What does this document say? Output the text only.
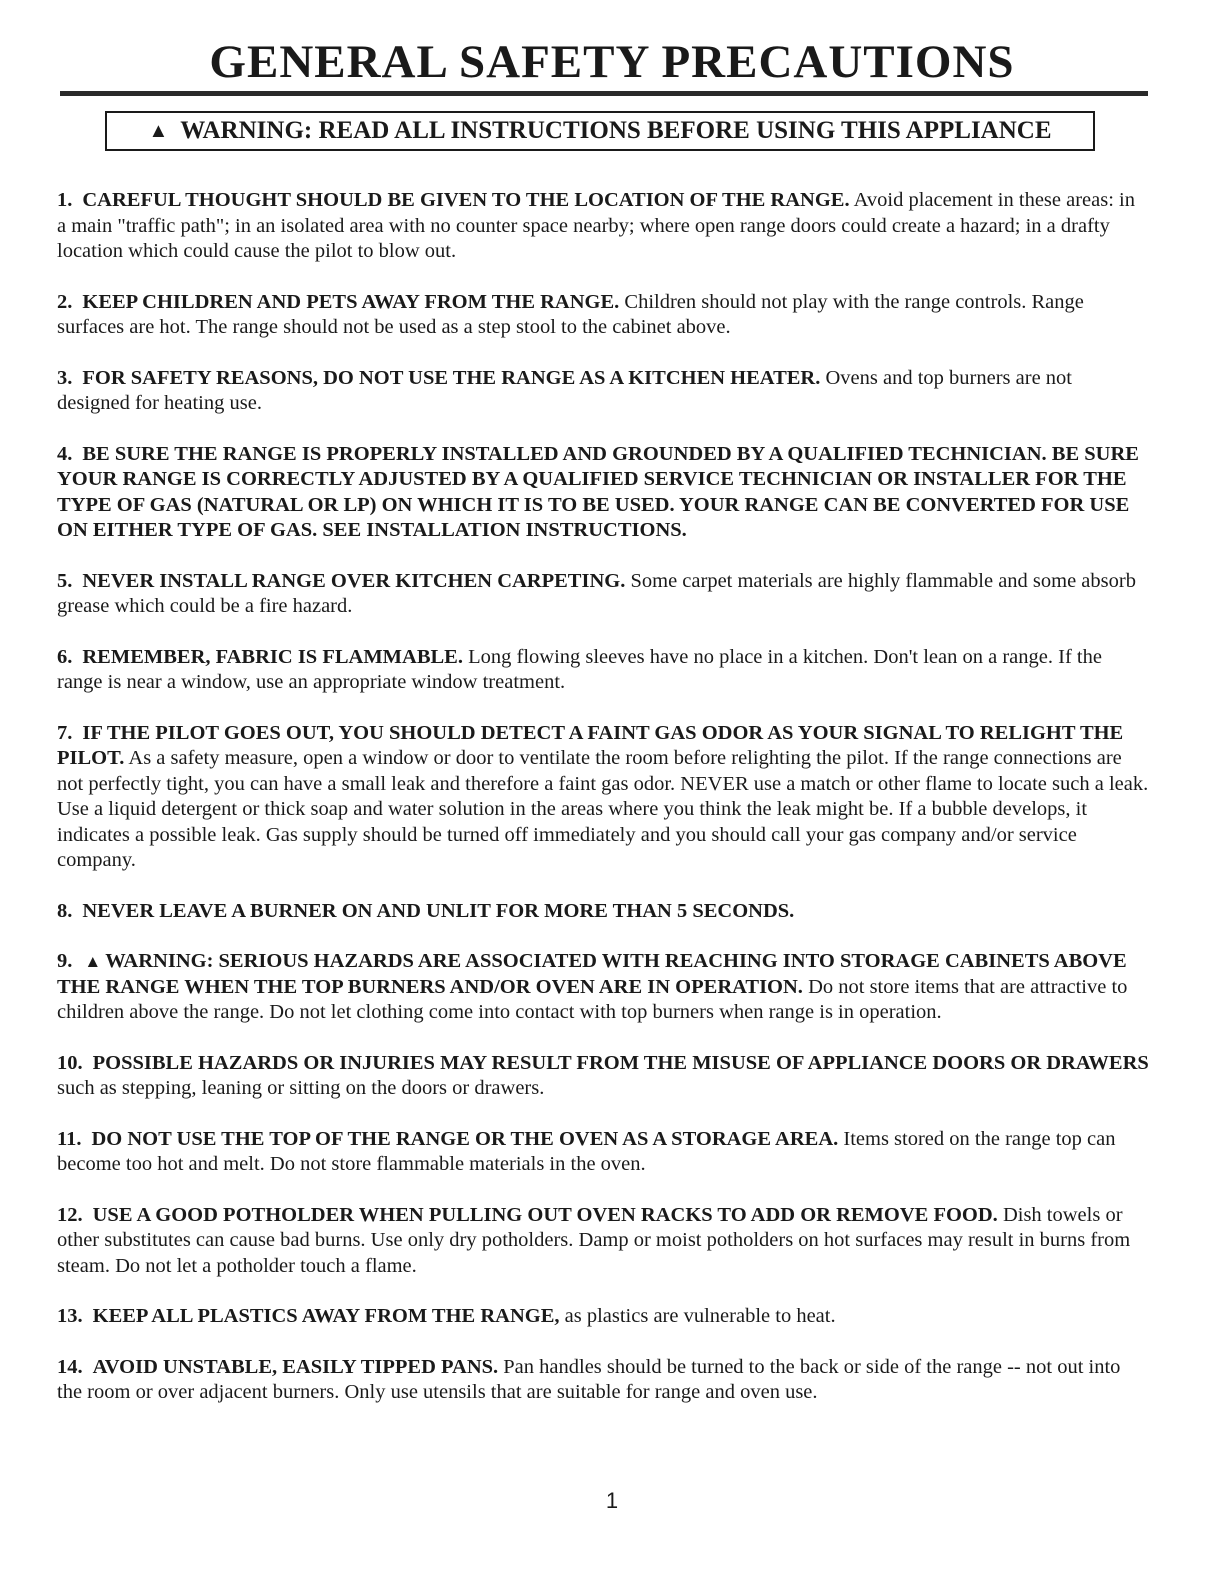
GENERAL SAFETY PRECAUTIONS
▲ WARNING: READ ALL INSTRUCTIONS BEFORE USING THIS APPLIANCE

1. CAREFUL THOUGHT SHOULD BE GIVEN TO THE LOCATION OF THE RANGE. Avoid placement in these areas: in a main "traffic path"; in an isolated area with no counter space nearby; where open range doors could create a hazard; in a drafty location which could cause the pilot to blow out.

2. KEEP CHILDREN AND PETS AWAY FROM THE RANGE. Children should not play with the range controls. Range surfaces are hot. The range should not be used as a step stool to the cabinet above.

3. FOR SAFETY REASONS, DO NOT USE THE RANGE AS A KITCHEN HEATER. Ovens and top burners are not designed for heating use.

4. BE SURE THE RANGE IS PROPERLY INSTALLED AND GROUNDED BY A QUALIFIED TECHNICIAN. BE SURE YOUR RANGE IS CORRECTLY ADJUSTED BY A QUALIFIED SERVICE TECHNICIAN OR INSTALLER FOR THE TYPE OF GAS (NATURAL OR LP) ON WHICH IT IS TO BE USED. YOUR RANGE CAN BE CONVERTED FOR USE ON EITHER TYPE OF GAS. SEE INSTALLATION INSTRUCTIONS.

5. NEVER INSTALL RANGE OVER KITCHEN CARPETING. Some carpet materials are highly flammable and some absorb grease which could be a fire hazard.

6. REMEMBER, FABRIC IS FLAMMABLE. Long flowing sleeves have no place in a kitchen. Don't lean on a range. If the range is near a window, use an appropriate window treatment.

7. IF THE PILOT GOES OUT, YOU SHOULD DETECT A FAINT GAS ODOR AS YOUR SIGNAL TO RELIGHT THE PILOT. As a safety measure, open a window or door to ventilate the room before relighting the pilot. If the range connections are not perfectly tight, you can have a small leak and therefore a faint gas odor. NEVER use a match or other flame to locate such a leak. Use a liquid detergent or thick soap and water solution in the areas where you think the leak might be. If a bubble develops, it indicates a possible leak. Gas supply should be turned off immediately and you should call your gas company and/or service company.

8. NEVER LEAVE A BURNER ON AND UNLIT FOR MORE THAN 5 SECONDS.

9. ▲ WARNING: SERIOUS HAZARDS ARE ASSOCIATED WITH REACHING INTO STORAGE CABINETS ABOVE THE RANGE WHEN THE TOP BURNERS AND/OR OVEN ARE IN OPERATION. Do not store items that are attractive to children above the range. Do not let clothing come into contact with top burners when range is in operation.

10. POSSIBLE HAZARDS OR INJURIES MAY RESULT FROM THE MISUSE OF APPLIANCE DOORS OR DRAWERS such as stepping, leaning or sitting on the doors or drawers.

11. DO NOT USE THE TOP OF THE RANGE OR THE OVEN AS A STORAGE AREA. Items stored on the range top can become too hot and melt. Do not store flammable materials in the oven.

12. USE A GOOD POTHOLDER WHEN PULLING OUT OVEN RACKS TO ADD OR REMOVE FOOD. Dish towels or other substitutes can cause bad burns. Use only dry potholders. Damp or moist potholders on hot surfaces may result in burns from steam. Do not let a potholder touch a flame.

13. KEEP ALL PLASTICS AWAY FROM THE RANGE, as plastics are vulnerable to heat.

14. AVOID UNSTABLE, EASILY TIPPED PANS. Pan handles should be turned to the back or side of the range -- not out into the room or over adjacent burners. Only use utensils that are suitable for range and oven use.

1
